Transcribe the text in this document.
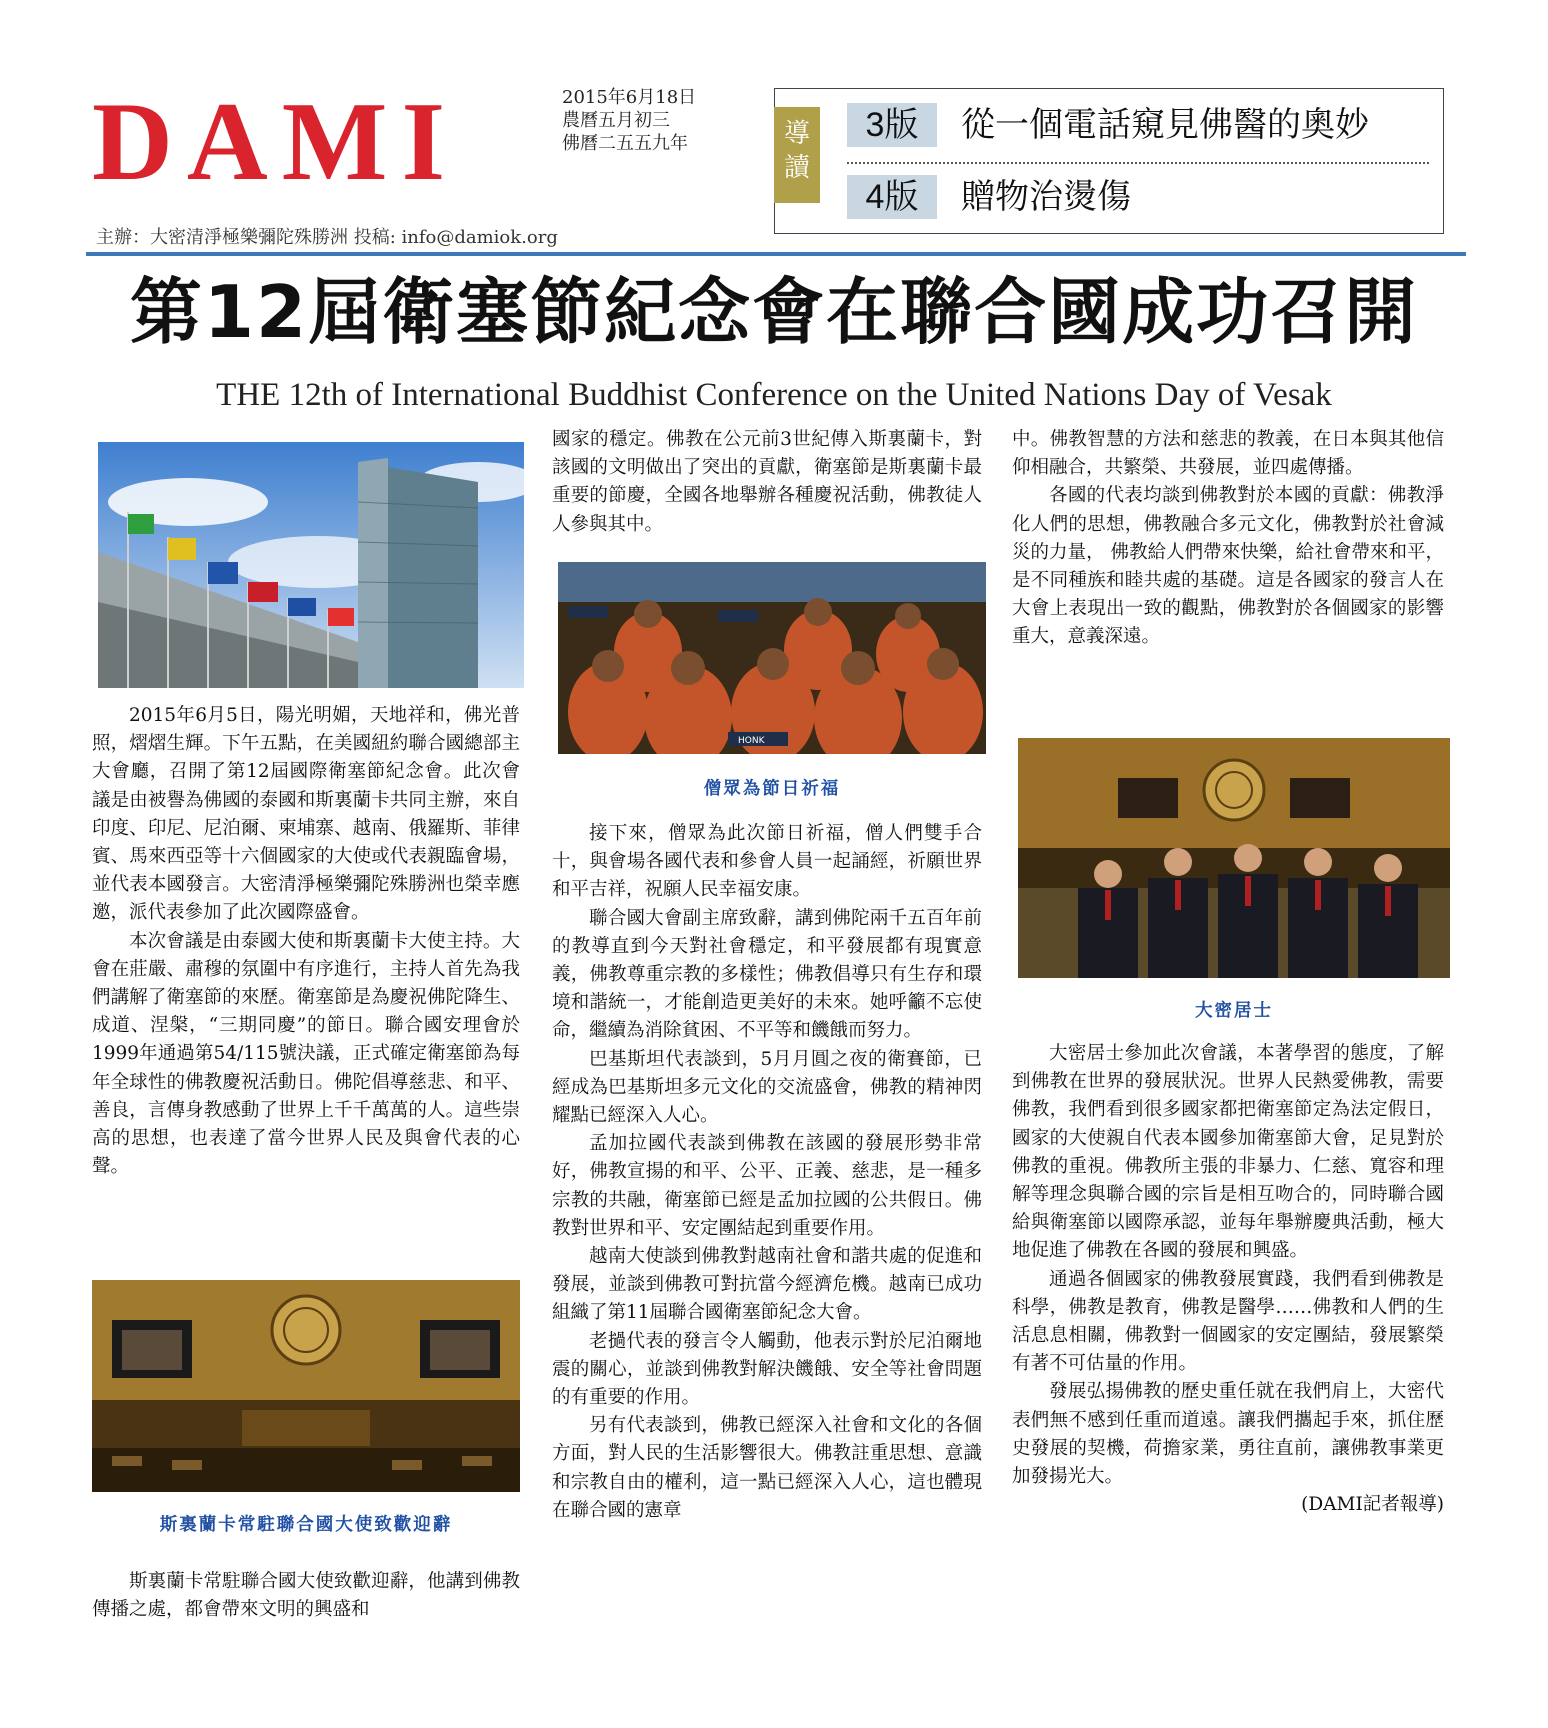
DAMI	2015年6月18日
農曆五月初三
佛曆二五五九年	3版	從一個電話窺見佛醫的奧妙
4版	贈物治燙傷
導讀
主辦：大密清淨極樂彌陀殊勝洲 投稿: info@damiok.org
第12屆衛塞節紀念會在聯合國成功召開
THE 12th of International Buddhist Conference on the United Nations Day of Vesak

2015年6月5日，陽光明媚，天地祥和，佛光普照，熠熠生輝。下午五點，在美國紐約聯合國總部主大會廳，召開了第12屆國際衛塞節紀念會。此次會議是由被譽為佛國的泰國和斯裏蘭卡共同主辦，來自印度、印尼、尼泊爾、柬埔寨、越南、俄羅斯、菲律賓、馬來西亞等十六個國家的大使或代表親臨會場，並代表本國發言。大密清淨極樂彌陀殊勝洲也榮幸應邀，派代表參加了此次國際盛會。

本次會議是由泰國大使和斯裏蘭卡大使主持。大會在莊嚴、肅穆的氛圍中有序進行，主持人首先為我們講解了衛塞節的來歷。衛塞節是為慶祝佛陀降生、成道、涅槃，“三期同慶”的節日。聯合國安理會於1999年通過第54/115號決議，正式確定衛塞節為每年全球性的佛教慶祝活動日。佛陀倡導慈悲、和平、善良，言傳身教感動了世界上千千萬萬的人。這些崇高的思想，也表達了當今世界人民及與會代表的心聲。

斯裏蘭卡常駐聯合國大使致歡迎辭

斯裏蘭卡常駐聯合國大使致歡迎辭，他講到佛教傳播之處，都會帶來文明的興盛和

國家的穩定。佛教在公元前3世紀傳入斯裏蘭卡，對該國的文明做出了突出的貢獻，衛塞節是斯裏蘭卡最重要的節慶，全國各地舉辦各種慶祝活動，佛教徒人人參與其中。

HONK
僧眾為節日祈福

接下來，僧眾為此次節日祈福，僧人們雙手合十，與會場各國代表和參會人員一起誦經，祈願世界和平吉祥，祝願人民幸福安康。

聯合國大會副主席致辭，講到佛陀兩千五百年前的教導直到今天對社會穩定，和平發展都有現實意義，佛教尊重宗教的多樣性；佛教倡導只有生存和環境和諧統一，才能創造更美好的未來。她呼籲不忘使命，繼續為消除貧困、不平等和饑餓而努力。

巴基斯坦代表談到，5月月圓之夜的衛賽節，已經成為巴基斯坦多元文化的交流盛會，佛教的精神閃耀點已經深入人心。

孟加拉國代表談到佛教在該國的發展形勢非常好，佛教宣揚的和平、公平、正義、慈悲，是一種多宗教的共融，衛塞節已經是孟加拉國的公共假日。佛教對世界和平、安定團結起到重要作用。

越南大使談到佛教對越南社會和諧共處的促進和發展，並談到佛教可對抗當今經濟危機。越南已成功組織了第11屆聯合國衛塞節紀念大會。

老撾代表的發言令人觸動，他表示對於尼泊爾地震的關心，並談到佛教對解決饑餓、安全等社會問題的有重要的作用。

另有代表談到，佛教已經深入社會和文化的各個方面，對人民的生活影響很大。佛教註重思想、意識和宗教自由的權利，這一點已經深入人心，這也體現在聯合國的憲章

中。佛教智慧的方法和慈悲的教義，在日本與其他信仰相融合，共繁榮、共發展，並四處傳播。

各國的代表均談到佛教對於本國的貢獻：佛教淨化人們的思想，佛教融合多元文化，佛教對於社會減災的力量， 佛教給人們帶來快樂，給社會帶來和平，是不同種族和睦共處的基礎。這是各國家的發言人在大會上表現出一致的觀點，佛教對於各個國家的影響重大，意義深遠。

大密居士

大密居士參加此次會議，本著學習的態度，了解到佛教在世界的發展狀況。世界人民熱愛佛教，需要佛教，我們看到很多國家都把衛塞節定為法定假日，國家的大使親自代表本國參加衛塞節大會，足見對於佛教的重視。佛教所主張的非暴力、仁慈、寬容和理解等理念與聯合國的宗旨是相互吻合的，同時聯合國給與衛塞節以國際承認，並每年舉辦慶典活動，極大地促進了佛教在各國的發展和興盛。

通過各個國家的佛教發展實踐，我們看到佛教是科學，佛教是教育，佛教是醫學……佛教和人們的生活息息相關，佛教對一個國家的安定團結，發展繁榮有著不可估量的作用。

發展弘揚佛教的歷史重任就在我們肩上，大密代表們無不感到任重而道遠。讓我們攜起手來，抓住歷史發展的契機，荷擔家業，勇往直前，讓佛教事業更加發揚光大。

(DAMI記者報導)
